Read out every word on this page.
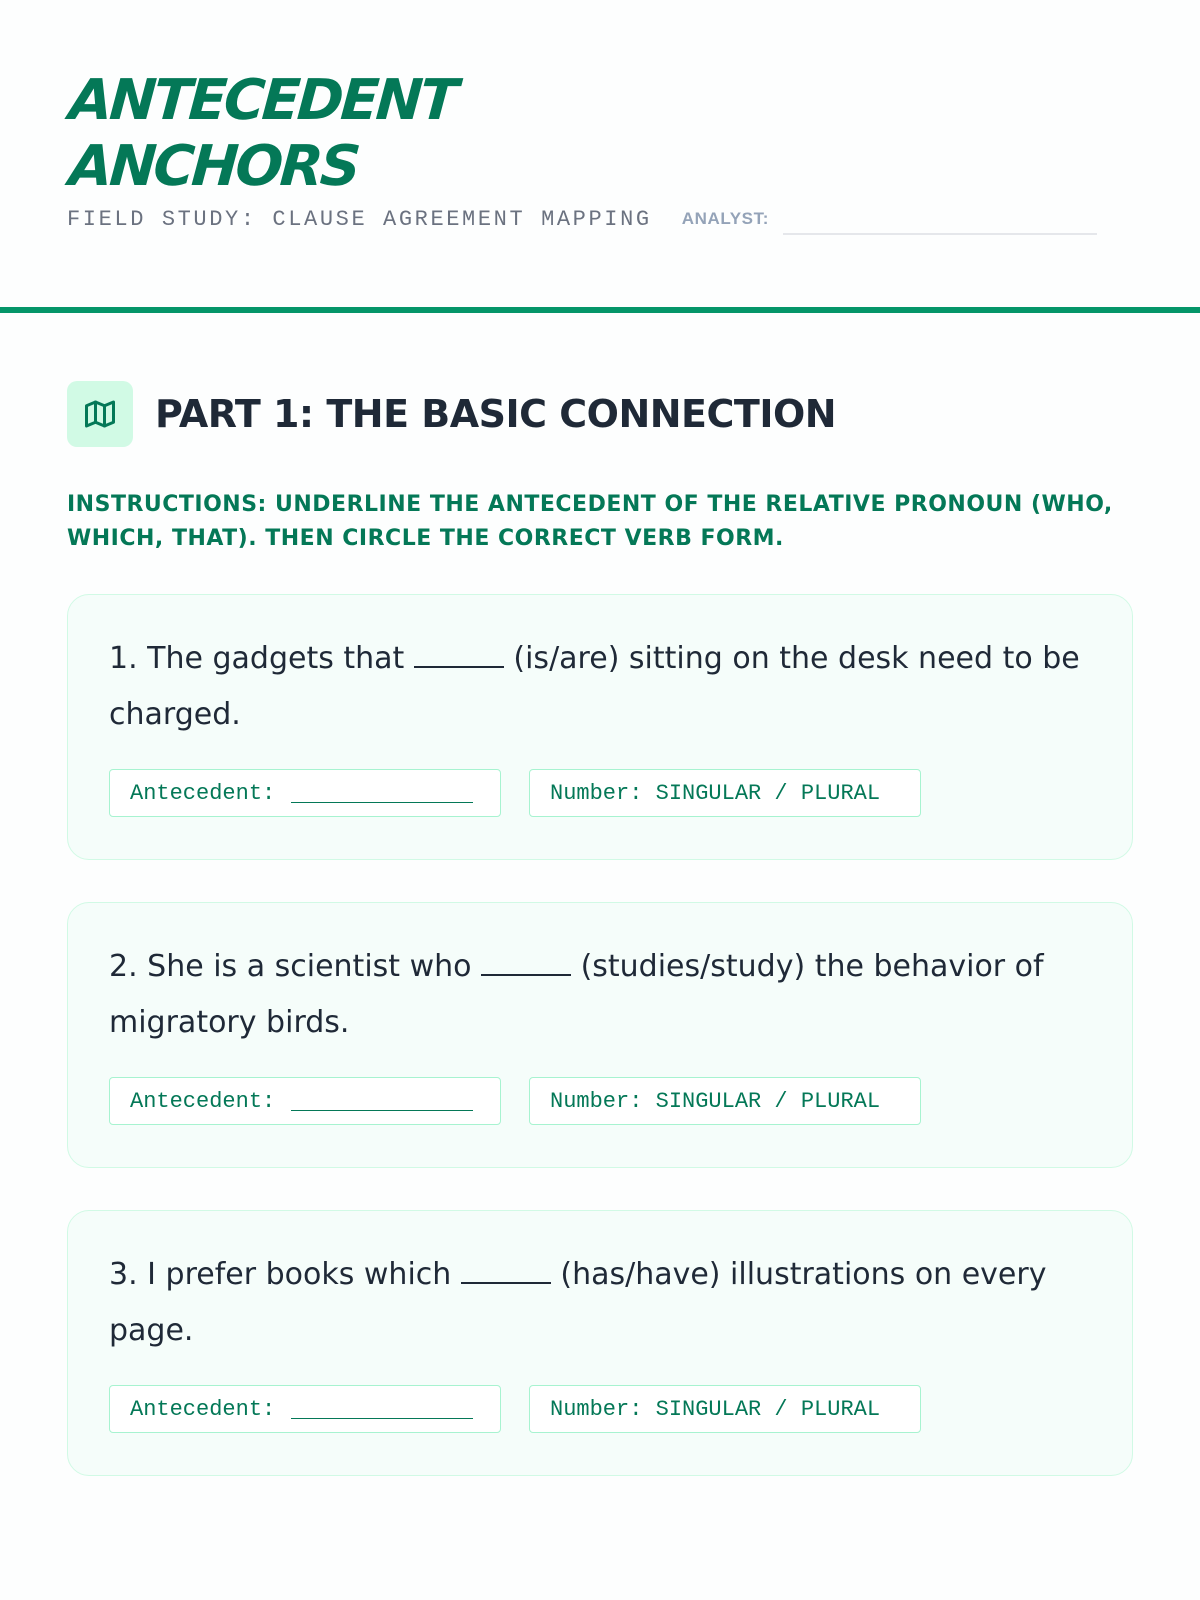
ANTECEDENT
ANCHORS
FIELD STUDY: CLAUSE AGREEMENT MAPPING ANALYST:
PART 1: THE BASIC CONNECTION

INSTRUCTIONS: UNDERLINE THE ANTECEDENT OF THE RELATIVE PRONOUN (WHO, WHICH, THAT). THEN CIRCLE THE CORRECT VERB FORM.

1. The gadgets that	(is/are) sitting on the desk need to be charged.

Antecedent:	Number: SINGULAR / PLURAL

2. She is a scientist who	(studies/study) the behavior of migratory birds.

Antecedent:	Number: SINGULAR / PLURAL

3. I prefer books which	(has/have) illustrations on every page.

Antecedent:	Number: SINGULAR / PLURAL
